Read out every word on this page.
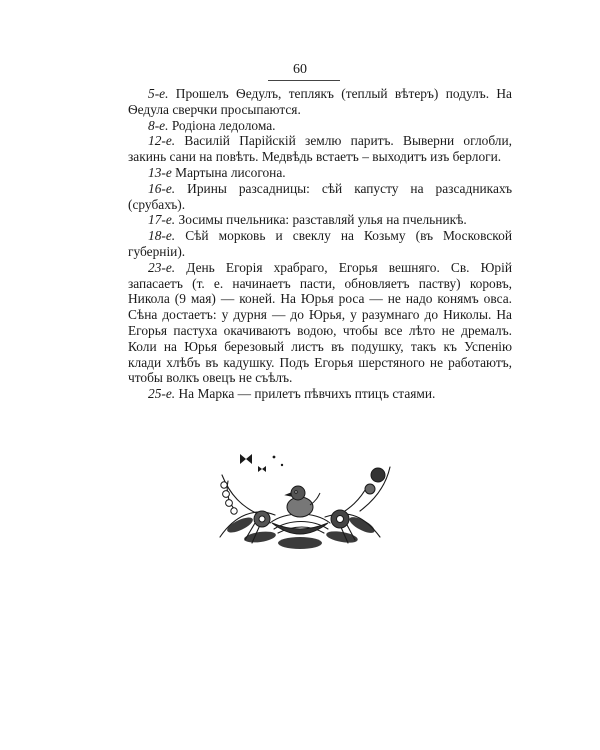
60

5-е. Прошелъ Ѳедулъ, теплякъ (теплый вѣтеръ) подулъ. На Ѳедула сверчки просыпаются.

8-е. Родіона ледолома.

12-е. Василій Парійскій землю паритъ. Выверни оглобли, закинь сани на повѣть. Медвѣдь встаетъ – выходитъ изъ берлоги.

13-е Мартына лисогона.

16-е. Ирины разсадницы: сѣй капусту на разсадникахъ (срубахъ).

17-е. Зосимы пчельника: разставляй улья на пчельникѣ.

18-е. Сѣй морковь и свеклу на Козьму (въ Московской губерніи).

23-е. День Егорія храбраго, Егорья вешняго. Св. Юрій запасаетъ (т. е. начинаетъ пасти, обновляетъ паству) коровъ, Никола (9 мая) — коней. На Юрья роса — не надо конямъ овса. Сѣна достаетъ: у дурня — до Юрья, у разумнаго до Николы. На Егорья пастуха окачиваютъ водою, чтобы все лѣто не дремалъ. Коли на Юрья березовый листъ въ подушку, такъ къ Успенію клади хлѣбъ въ кадушку. Подъ Егорья шерстяного не работаютъ, чтобы волкъ овецъ не съѣлъ.

25-е. На Марка — прилетъ пѣвчихъ птицъ стаями.
